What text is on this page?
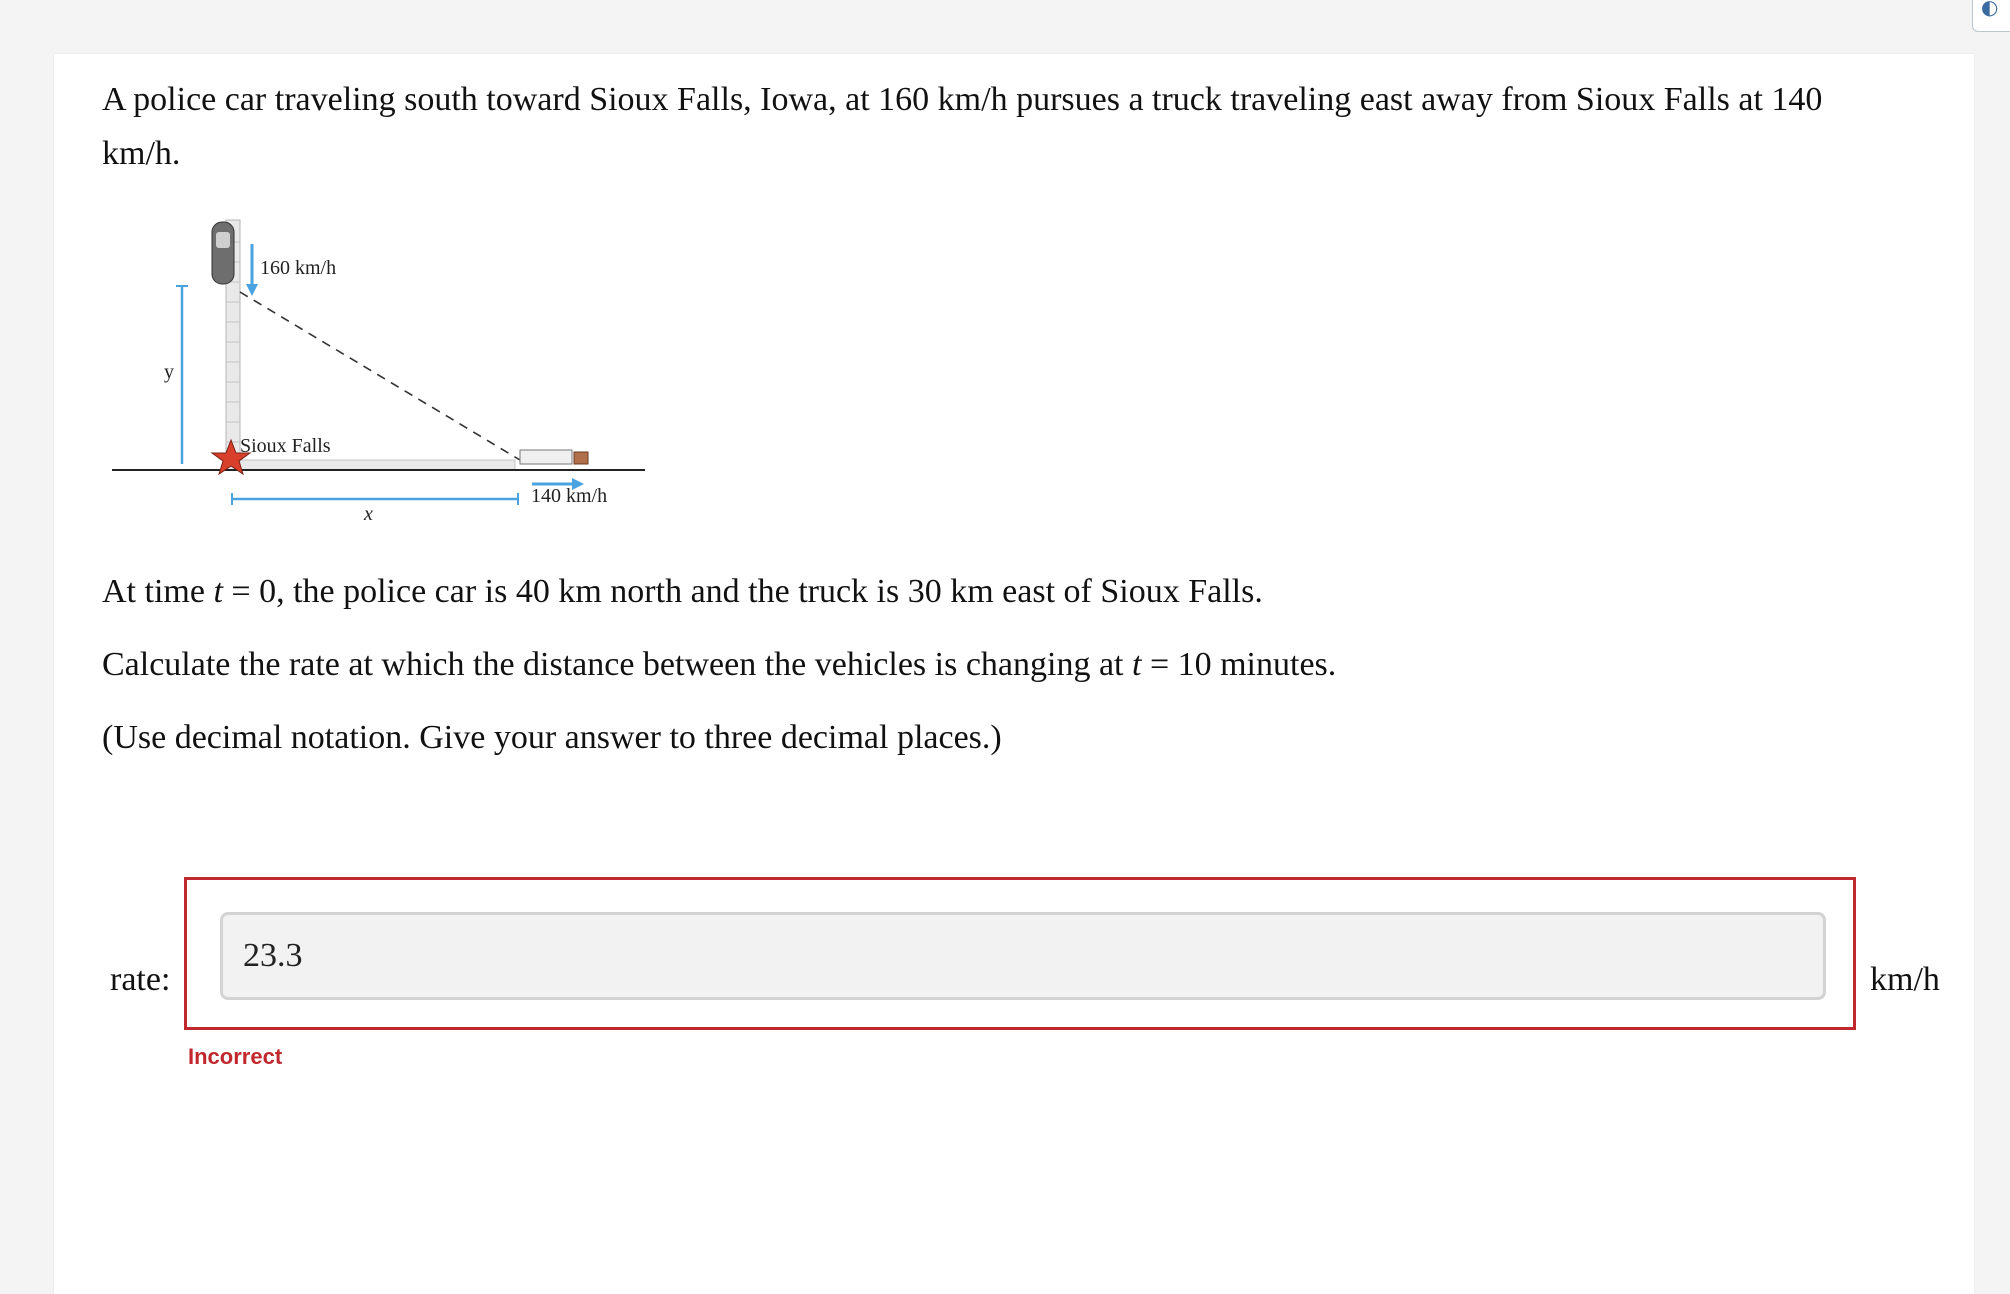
◐

A police car traveling south toward Sioux Falls, Iowa, at 160 km/h pursues a truck traveling east away from Sioux Falls at 140 km/h.

160 km/h
y
Sioux Falls
140 km/h
x

At time t = 0, the police car is 40 km north and the truck is 30 km east of Sioux Falls.

Calculate the rate at which the distance between the vehicles is changing at t = 10 minutes.

(Use decimal notation. Give your answer to three decimal places.)

rate:
23.3
km/h
Incorrect
